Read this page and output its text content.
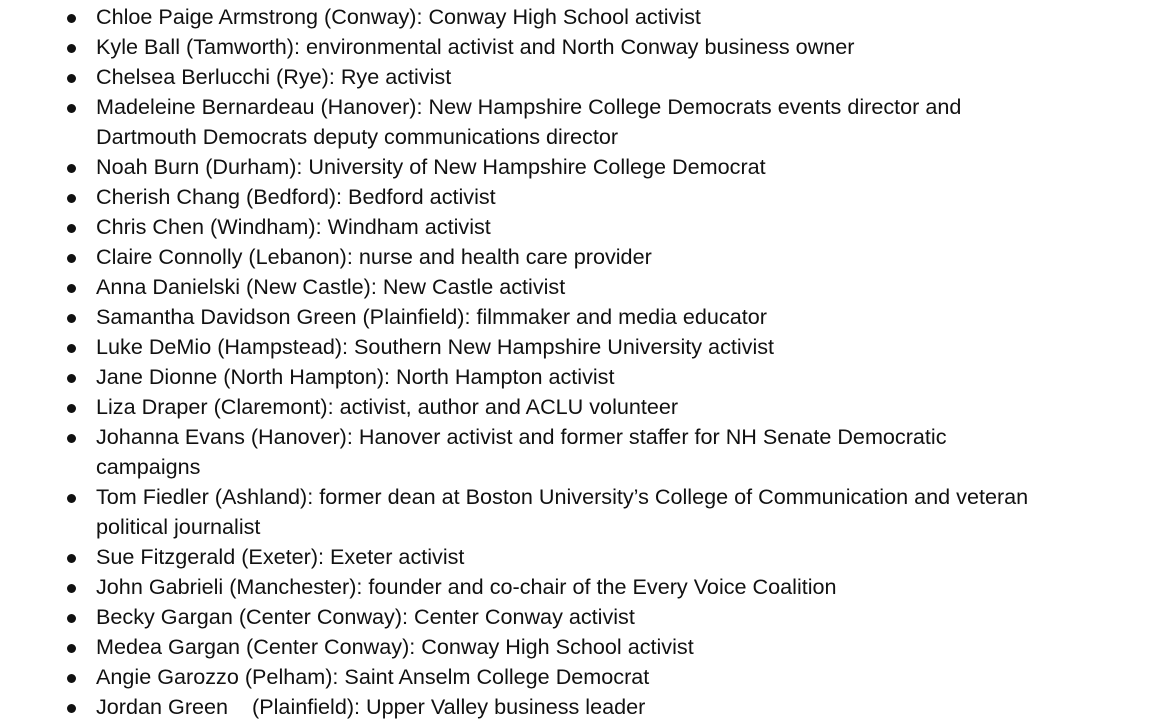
Chloe Paige Armstrong (Conway): Conway High School activist
Kyle Ball (Tamworth): environmental activist and North Conway business owner
Chelsea Berlucchi (Rye): Rye activist
Madeleine Bernardeau (Hanover): New Hampshire College Democrats events director and
Dartmouth Democrats deputy communications director
Noah Burn (Durham): University of New Hampshire College Democrat
Cherish Chang (Bedford): Bedford activist
Chris Chen (Windham): Windham activist
Claire Connolly (Lebanon): nurse and health care provider
Anna Danielski (New Castle): New Castle activist
Samantha Davidson Green (Plainfield): filmmaker and media educator
Luke DeMio (Hampstead): Southern New Hampshire University activist
Jane Dionne (North Hampton): North Hampton activist
Liza Draper (Claremont): activist, author and ACLU volunteer
Johanna Evans (Hanover): Hanover activist and former staffer for NH Senate Democratic
campaigns
Tom Fiedler (Ashland): former dean at Boston University’s College of Communication and veteran
political journalist
Sue Fitzgerald (Exeter): Exeter activist
John Gabrieli (Manchester): founder and co-chair of the Every Voice Coalition
Becky Gargan (Center Conway): Center Conway activist
Medea Gargan (Center Conway): Conway High School activist
Angie Garozzo (Pelham): Saint Anselm College Democrat
Jordan Green    (Plainfield): Upper Valley business leader
